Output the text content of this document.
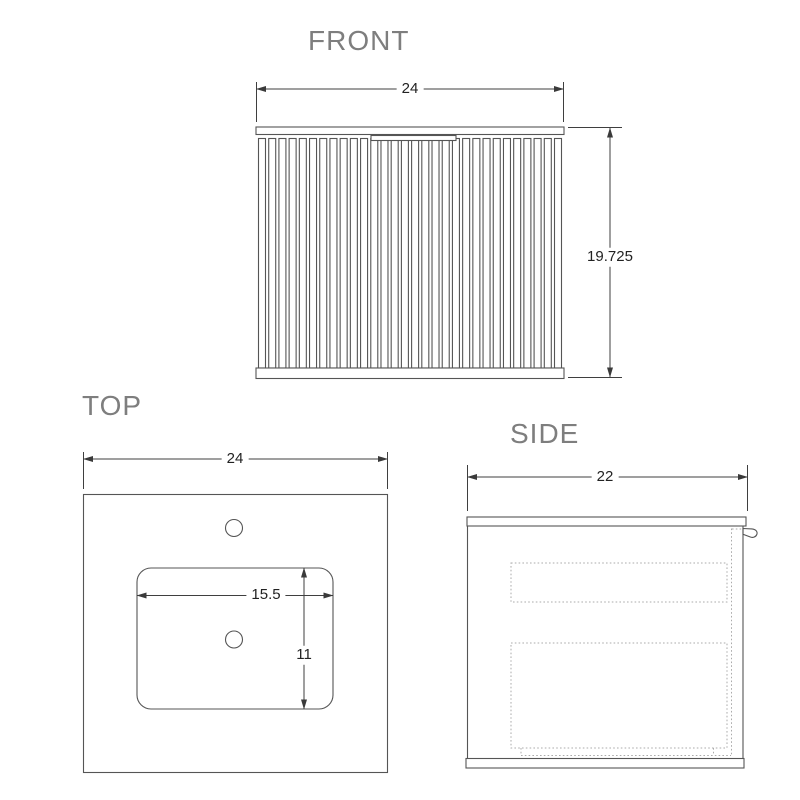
FRONT
TOP
SIDE
24
19.725
24
15.5
11
22
